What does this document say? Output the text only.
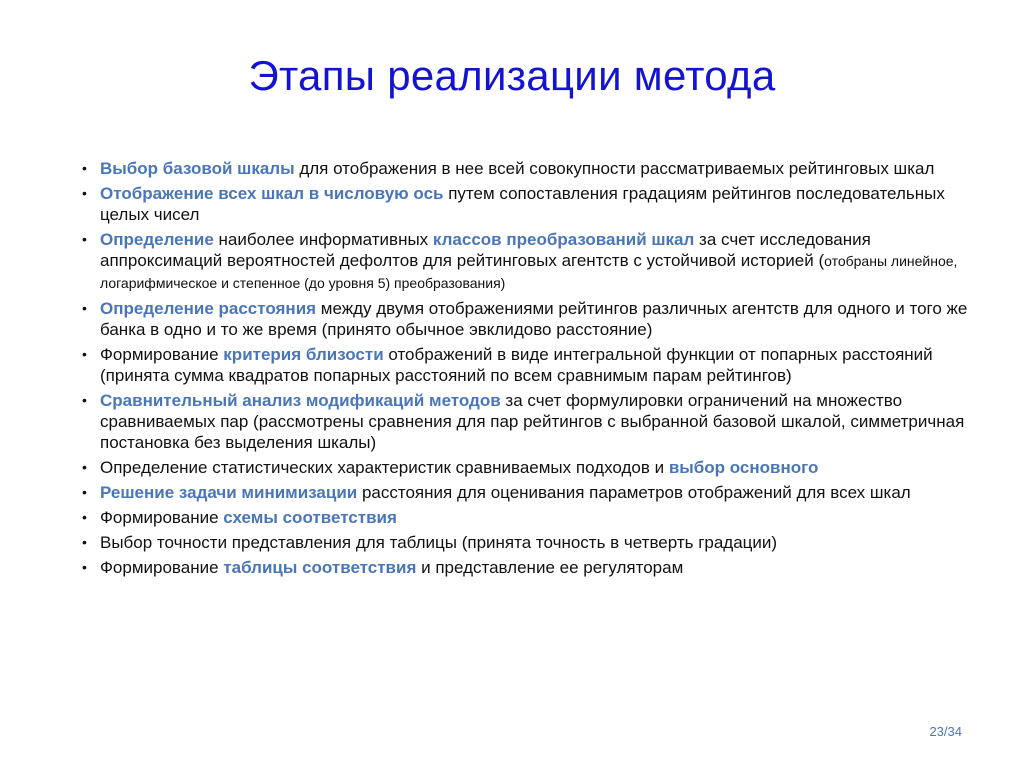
Этапы реализации метода
• Выбор базовой шкалы для отображения в нее всей совокупности рассматриваемых рейтинговых шкал
• Отображение всех шкал в числовую ось путем сопоставления градациям рейтингов последовательных целых чисел
• Определение наиболее информативных классов преобразований шкал за счет исследования аппроксимаций вероятностей дефолтов для рейтинговых агентств с устойчивой историей (отобраны линейное, логарифмическое и степенное (до уровня 5) преобразования)
• Определение расстояния между двумя отображениями рейтингов различных агентств для одного и того же банка в одно и то же время (принято обычное эвклидово расстояние)
• Формирование критерия близости отображений в виде интегральной функции от попарных расстояний (принята сумма квадратов попарных расстояний по всем сравнимым парам рейтингов)
• Сравнительный анализ модификаций методов за счет формулировки ограничений на множество сравниваемых пар (рассмотрены сравнения для пар рейтингов с выбранной базовой шкалой, симметричная постановка без выделения шкалы)
• Определение статистических характеристик сравниваемых подходов и выбор основного
• Решение задачи минимизации расстояния для оценивания параметров отображений для всех шкал
• Формирование схемы соответствия
• Выбор точности представления для таблицы (принята точность в четверть градации)
• Формирование таблицы соответствия и представление ее регуляторам
23/34
